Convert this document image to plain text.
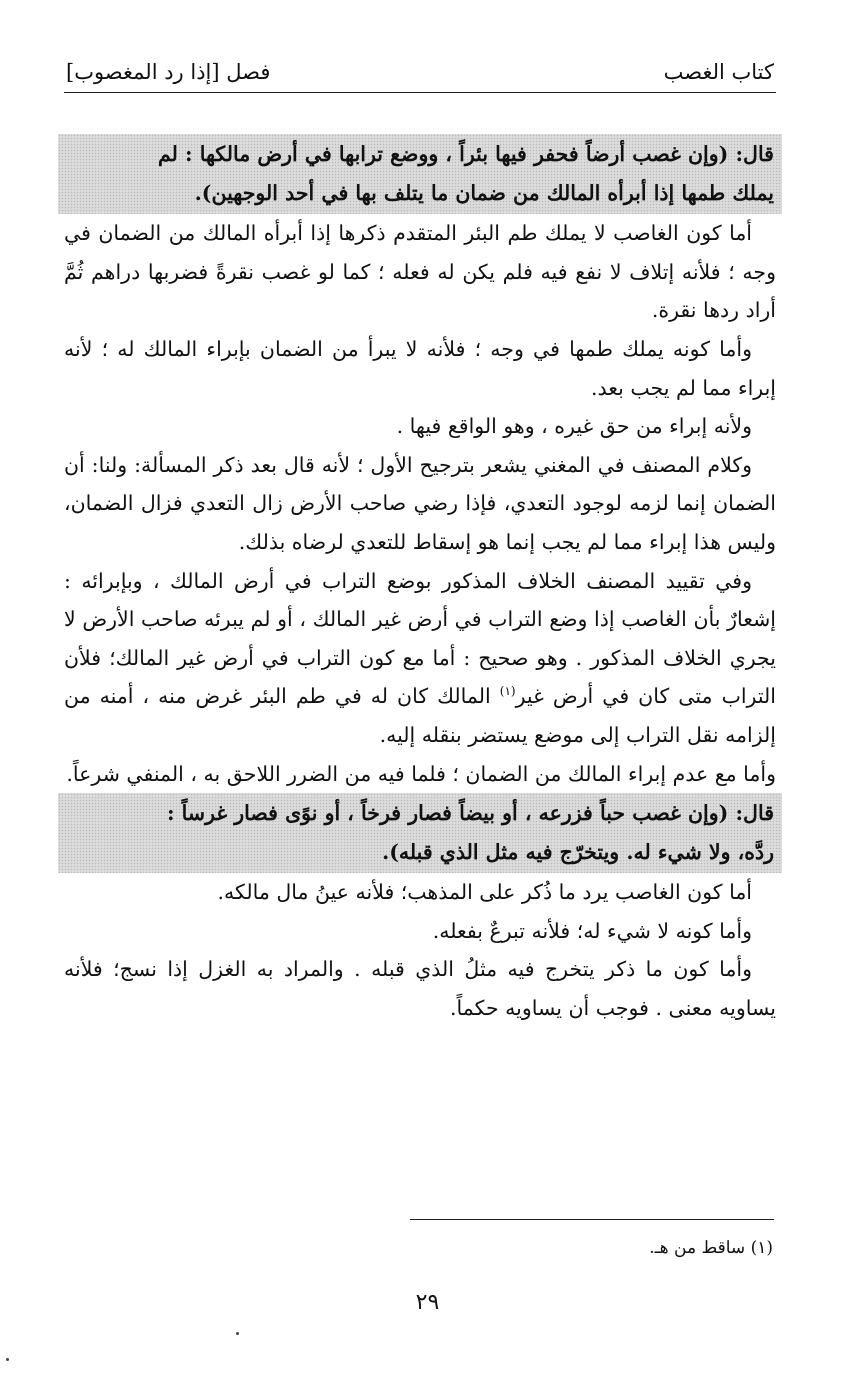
كتاب الغصب
فصل [إذا رد المغصوب]

قال: (وإن غصب أرضاً فحفر فيها بئراً ، ووضع ترابها في أرض مالكها : لم

يملك طمها إذا أبرأه المالك من ضمان ما يتلف بها في أحد الوجهين).

أما كون الغاصب لا يملك طم البئر المتقدم ذكرها إذا أبرأه المالك من الضمان في وجه ؛ فلأنه إتلاف لا نفع فيه فلم يكن له فعله ؛ كما لو غصب نقرةً فضربها دراهم ثُمَّ أراد ردها نقرة.

وأما كونه يملك طمها في وجه ؛ فلأنه لا يبرأ من الضمان بإبراء المالك له ؛ لأنه إبراء مما لم يجب بعد.

ولأنه إبراء من حق غيره ، وهو الواقع فيها .

وكلام المصنف في المغني يشعر بترجيح الأول ؛ لأنه قال بعد ذكر المسألة: ولنا: أن الضمان إنما لزمه لوجود التعدي، فإذا رضي صاحب الأرض زال التعدي فزال الضمان، وليس هذا إبراء مما لم يجب إنما هو إسقاط للتعدي لرضاه بذلك.

وفي تقييد المصنف الخلاف المذكور بوضع التراب في أرض المالك ، وبإبرائه : إشعارٌ بأن الغاصب إذا وضع التراب في أرض غير المالك ، أو لم يبرئه صاحب الأرض لا يجري الخلاف المذكور . وهو صحيح : أما مع كون التراب في أرض غير المالك؛ فلأن التراب متى كان في أرض غير$^{(١)}$ المالك كان له في طم البئر غرض منه ، أمنه من إلزامه نقل التراب إلى موضع يستضر بنقله إليه.

وأما مع عدم إبراء المالك من الضمان ؛ فلما فيه من الضرر اللاحق به ، المنفي شرعاً.

قال: (وإن غصب حباً فزرعه ، أو بيضاً فصار فرخاً ، أو نوًى فصار غرساً :

ردَّه، ولا شيء له. ويتخرّج فيه مثل الذي قبله).

أما كون الغاصب يرد ما ذُكر على المذهب؛ فلأنه عينُ مال مالكه.

وأما كونه لا شيء له؛ فلأنه تبرعٌ بفعله.

وأما كون ما ذكر يتخرج فيه مثلُ الذي قبله . والمراد به الغزل إذا نسج؛ فلأنه يساويه معنى . فوجب أن يساويه حكماً.

(١) ساقط من هـ.
٢٩
